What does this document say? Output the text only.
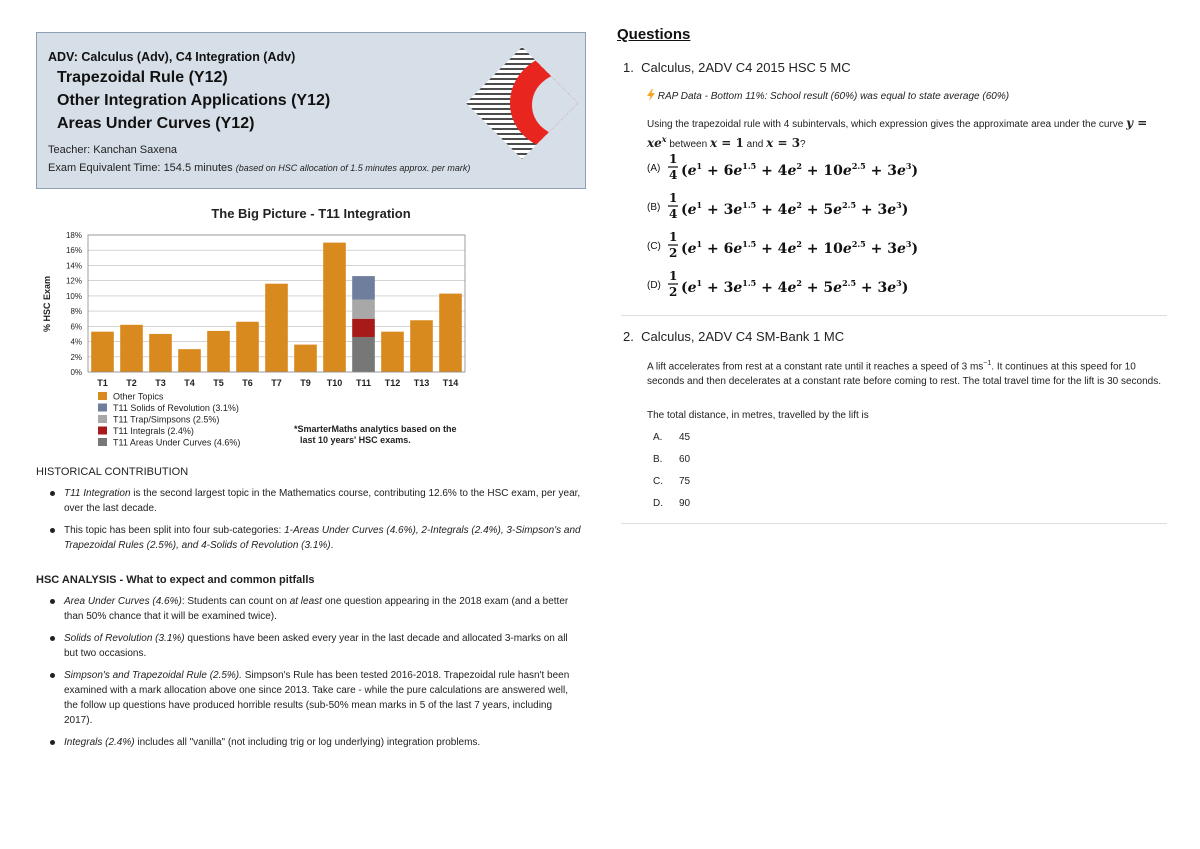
ADV: Calculus (Adv), C4 Integration (Adv)
Trapezoidal Rule (Y12)
Other Integration Applications (Y12)
Areas Under Curves (Y12)
Teacher: Kanchan Saxena
Exam Equivalent Time: 154.5 minutes (based on HSC allocation of 1.5 minutes approx. per mark)
The Big Picture - T11 Integration
0%
2%
4%
6%
8%
10%
12%
14%
16%
18%
T1 T2 T3 T4 T5 T6 T7 T9 T10 T11 T12 T13 T14
% HSC Exam
Other Topics
T11 Solids of Revolution (3.1%)
T11 Trap/Simpsons (2.5%)
T11 Integrals (2.4%)
T11 Areas Under Curves (4.6%)
*SmarterMaths analytics based on the last 10 years' HSC exams.

HISTORICAL CONTRIBUTION

T11 Integration is the second largest topic in the Mathematics course, contributing 12.6% to the HSC exam, per year, over the last decade.

This topic has been split into four sub-categories: 1-Areas Under Curves (4.6%), 2-Integrals (2.4%), 3-Simpson's and Trapezoidal Rules (2.5%), and 4-Solids of Revolution (3.1%).

HSC ANALYSIS - What to expect and common pitfalls

Area Under Curves (4.6%): Students can count on at least one question appearing in the 2018 exam (and a better than 50% chance that it will be examined twice).

Solids of Revolution (3.1%) questions have been asked every year in the last decade and allocated 3-marks on all but two occasions.

Simpson's and Trapezoidal Rule (2.5%). Simpson's Rule has been tested 2016-2018. Trapezoidal rule hasn't been examined with a mark allocation above one since 2013. Take care - while the pure calculations are answered well, the follow up questions have produced horrible results (sub-50% mean marks in 5 of the last 7 years, including 2017).

Integrals (2.4%) includes all "vanilla" (not including trig or log underlying) integration problems.

Questions
1. Calculus, 2ADV C4 2015 HSC 5 MC
RAP Data - Bottom 11%: School result (60%) was equal to state average (60%)
Using the trapezoidal rule with 4 subintervals, which expression gives the approximate area under the curve $y = xe^x$ between x = 1 and x = 3?
(A)
1
4 $(e^1 + 6e^{1.5} + 4e^2 + 10e^{2.5} + 3e^3)$
(B)
1
4 $(e^1 + 3e^{1.5} + 4e^2 + 5e^{2.5} + 3e^3)$
(C)
1
2 $(e^1 + 6e^{1.5} + 4e^2 + 10e^{2.5} + 3e^3)$
(D)
1
2 $(e^1 + 3e^{1.5} + 4e^2 + 5e^{2.5} + 3e^3)$
2. Calculus, 2ADV C4 SM-Bank 1 MC
A lift accelerates from rest at a constant rate until it reaches a speed of 3 $ms^{-1}$. It continues at this speed for 10 seconds and then decelerates at a constant rate before coming to rest. The total travel time for the lift is 30 seconds.
The total distance, in metres, travelled by the lift is
A. 45
B. 60
C. 75
D. 90
